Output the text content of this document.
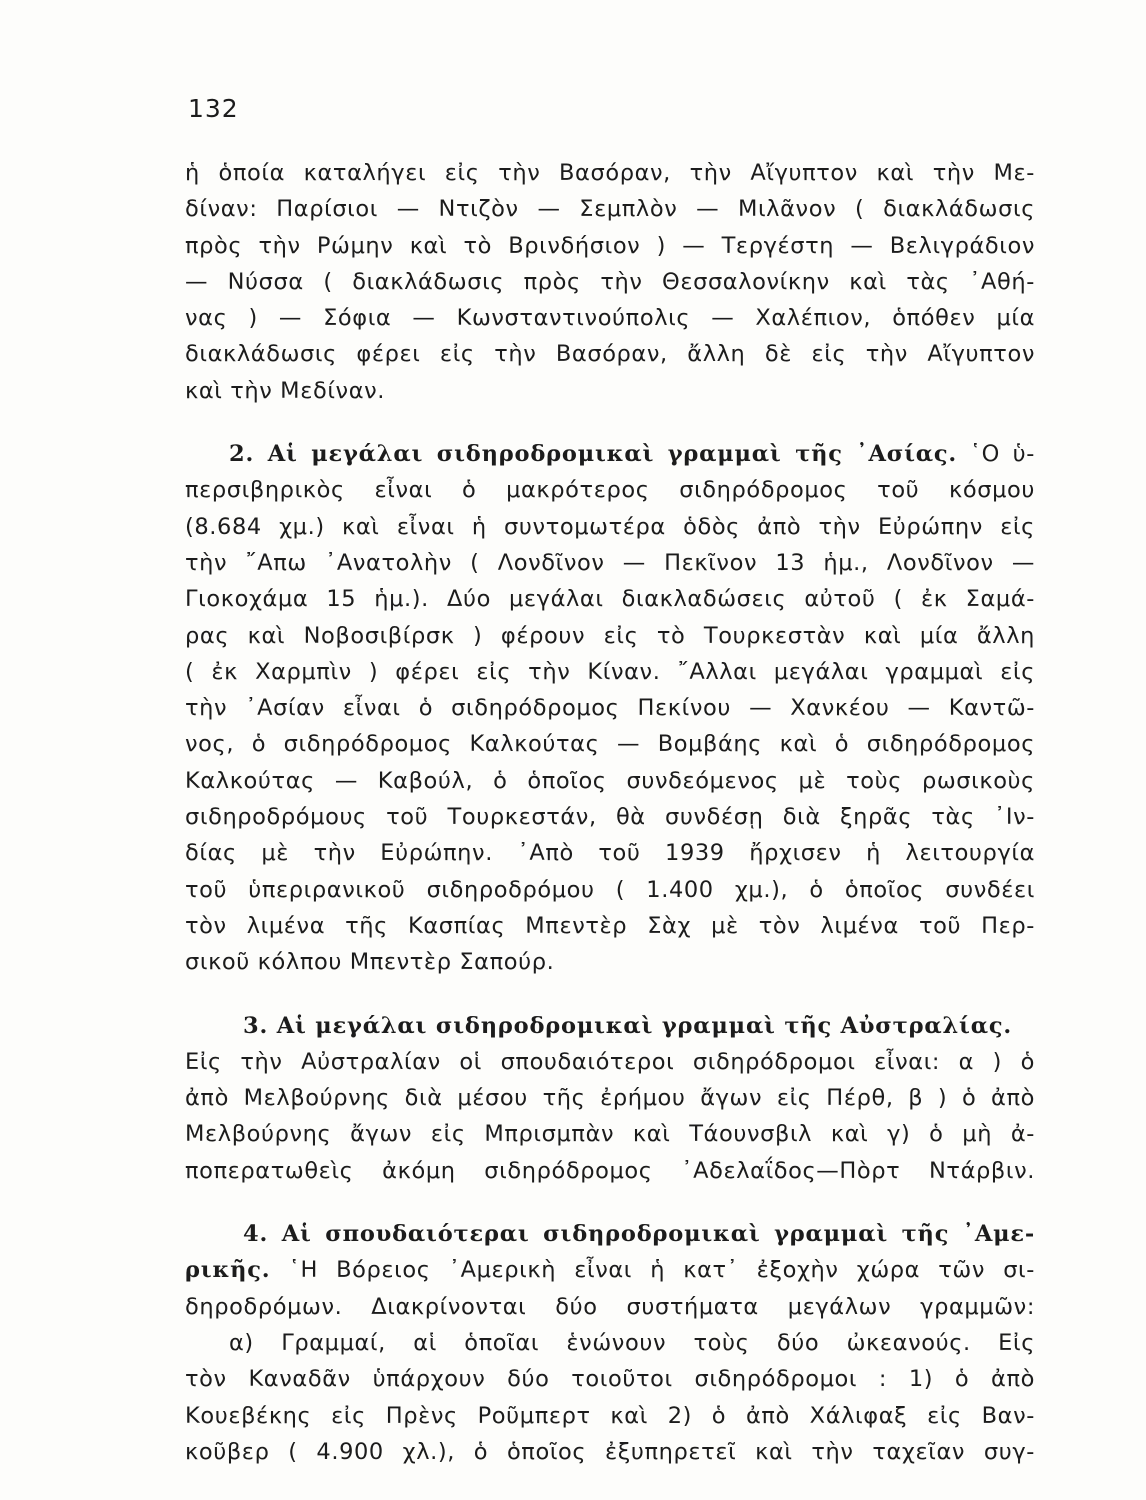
132
ἡ ὁποία καταλήγει εἰς τὴν Βασόραν, τὴν Αἴγυπτον καὶ τὴν Με-
δίναν: Παρίσιοι — Ντιζὸν — Σεμπλὸν — Μιλᾶνον ( διακλάδωσις
πρὸς τὴν Ρώμην καὶ τὸ Βρινδήσιον ) — Τεργέστη — Βελιγράδιον
— Νύσσα ( διακλάδωσις πρὸς τὴν Θεσσαλονίκην καὶ τὰς ᾿Αθή-
νας ) — Σόφια — Κωνσταντινούπολις — Χαλέπιον, ὁπόθεν μία
διακλάδωσις φέρει εἰς τὴν Βασόραν, ἄλλη δὲ εἰς τὴν Αἴγυπτον
καὶ τὴν Μεδίναν.
2. Αἱ μεγάλαι σιδηροδρομικαὶ γραμμαὶ τῆς ᾿Ασίας. ῾Ο ὑ-
περσιβηρικὸς εἶναι ὁ μακρότερος σιδηρόδρομος τοῦ κόσμου
(8.684 χμ.) καὶ εἶναι ἡ συντομωτέρα ὁδὸς ἀπὸ τὴν Εὐρώπην εἰς
τὴν ῎Απω ᾿Ανατολὴν ( Λονδῖνον — Πεκῖνον 13 ἡμ., Λονδῖνον —
Γιοκοχάμα 15 ἡμ.). Δύο μεγάλαι διακλαδώσεις αὐτοῦ ( ἐκ Σαμά-
ρας καὶ Νοβοσιβίρσκ ) φέρουν εἰς τὸ Τουρκεστὰν καὶ μία ἄλλη
( ἐκ Χαρμπὶν ) φέρει εἰς τὴν Κίναν. ῎Αλλαι μεγάλαι γραμμαὶ εἰς
τὴν ᾿Ασίαν εἶναι ὁ σιδηρόδρομος Πεκίνου — Χανκέου — Καντῶ-
νος, ὁ σιδηρόδρομος Καλκούτας — Βομβάης καὶ ὁ σιδηρόδρομος
Καλκούτας — Καβούλ, ὁ ὁποῖος συνδεόμενος μὲ τοὺς ρωσικοὺς
σιδηροδρόμους τοῦ Τουρκεστάν, θὰ συνδέσῃ διὰ ξηρᾶς τὰς ᾿Ιν-
δίας μὲ τὴν Εὐρώπην. ᾿Απὸ τοῦ 1939 ἤρχισεν ἡ λειτουργία
τοῦ ὑπεριρανικοῦ σιδηροδρόμου ( 1.400 χμ.), ὁ ὁποῖος συνδέει
τὸν λιμένα τῆς Κασπίας Μπεντὲρ Σὰχ μὲ τὸν λιμένα τοῦ Περ-
σικοῦ κόλπου Μπεντὲρ Σαπούρ.
3. Αἱ μεγάλαι σιδηροδρομικαὶ γραμμαὶ τῆς Αὐστραλίας.
Εἰς τὴν Αὐστραλίαν οἱ σπουδαιότεροι σιδηρόδρομοι εἶναι: α ) ὁ
ἀπὸ Μελβούρνης διὰ μέσου τῆς ἐρήμου ἄγων εἰς Πέρθ, β ) ὁ ἀπὸ
Μελβούρνης ἄγων εἰς Μπρισμπὰν καὶ Τάουνσβιλ καὶ γ) ὁ μὴ ἀ-
ποπερατωθεὶς ἀκόμη σιδηρόδρομος ᾿Αδελαΐδος—Πὸρτ Ντάρβιν.
4. Αἱ σπουδαιότεραι σιδηροδρομικαὶ γραμμαὶ τῆς ᾿Αμε-
ρικῆς. ῾Η Βόρειος ᾿Αμερικὴ εἶναι ἡ κατ᾿ ἐξοχὴν χώρα τῶν σι-
δηροδρόμων. Διακρίνονται δύο συστήματα μεγάλων γραμμῶν:
α) Γραμμαί, αἱ ὁποῖαι ἑνώνουν τοὺς δύο ὠκεανούς. Εἰς
τὸν Καναδᾶν ὑπάρχουν δύο τοιοῦτοι σιδηρόδρομοι : 1) ὁ ἀπὸ
Κουεβέκης εἰς Πρὲνς Ροῦμπερτ καὶ 2) ὁ ἀπὸ Χάλιφαξ εἰς Βαν-
κοῦβερ ( 4.900 χλ.), ὁ ὁποῖος ἐξυπηρετεῖ καὶ τὴν ταχεῖαν συγ-
